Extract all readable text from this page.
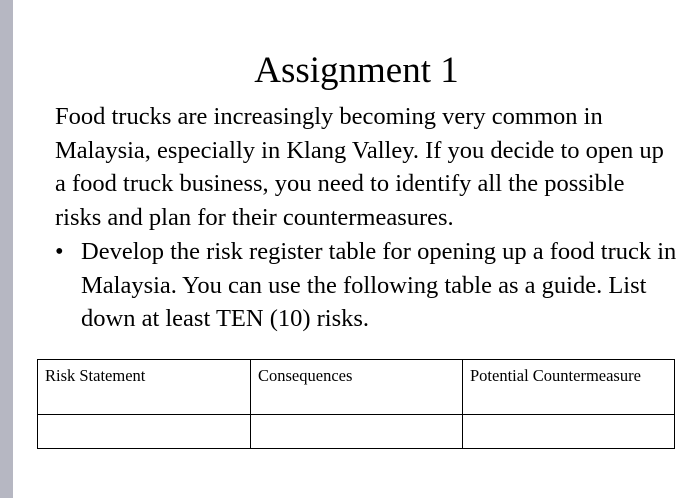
Assignment 1

Food trucks are increasingly becoming very common in Malaysia, especially in Klang Valley. If you decide to open up a food truck business, you need to identify all the possible risks and plan for their countermeasures.

• Develop the risk register table for opening up a food truck in Malaysia. You can use the following table as a guide. List down at least TEN (10) risks.

Risk Statement	Consequences	Potential Countermeasure
